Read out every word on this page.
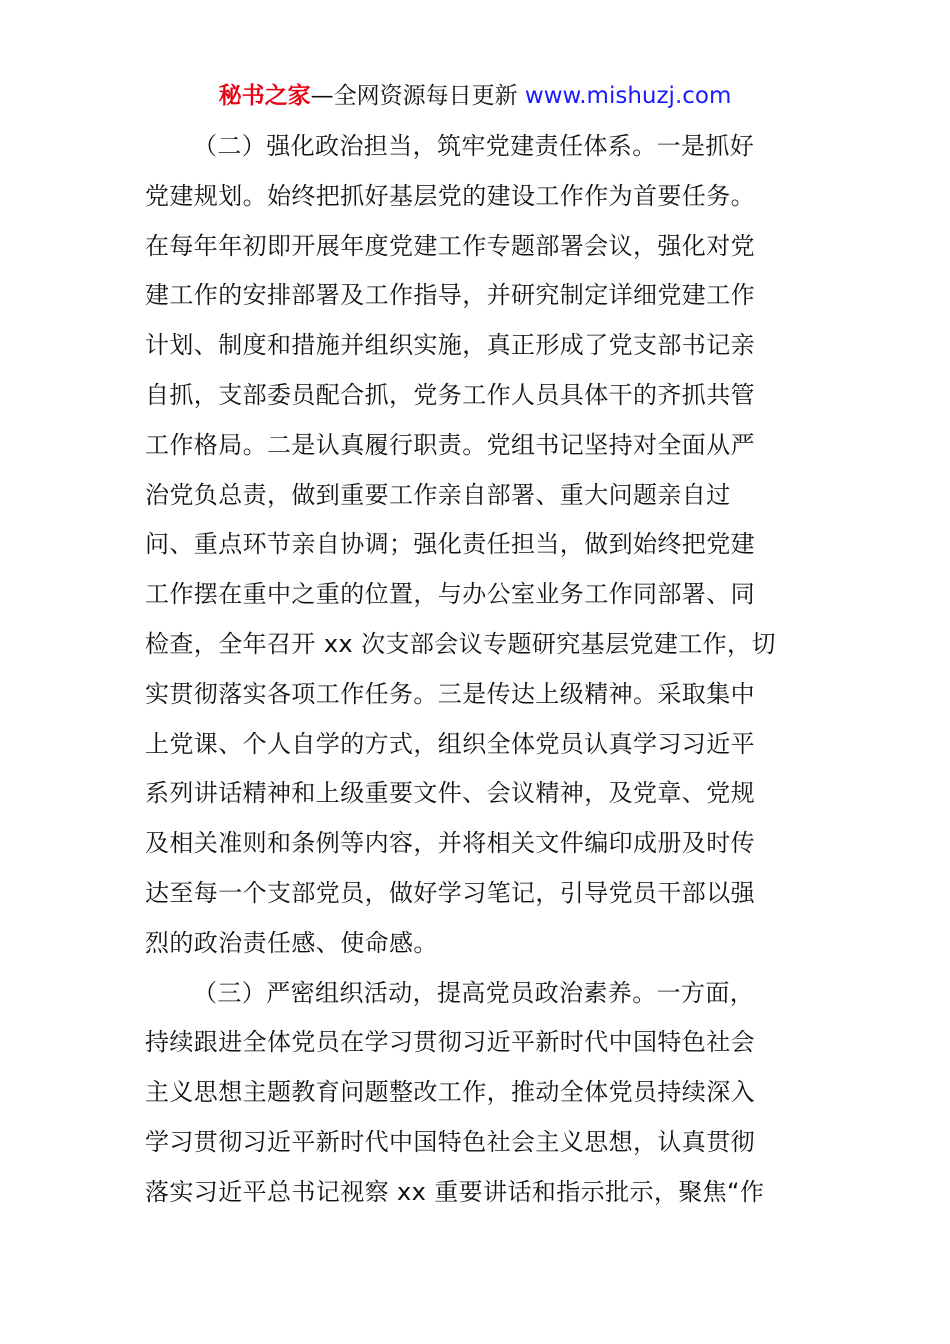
秘书之家—全网资源每日更新 www.mishuzj.com
（二）强化政治担当，筑牢党建责任体系。一是抓好
党建规划。始终把抓好基层党的建设工作作为首要任务。
在每年年初即开展年度党建工作专题部署会议，强化对党
建工作的安排部署及工作指导，并研究制定详细党建工作
计划、制度和措施并组织实施，真正形成了党支部书记亲
自抓，支部委员配合抓，党务工作人员具体干的齐抓共管
工作格局。二是认真履行职责。党组书记坚持对全面从严
治党负总责，做到重要工作亲自部署、重大问题亲自过
问、重点环节亲自协调；强化责任担当，做到始终把党建
工作摆在重中之重的位置，与办公室业务工作同部署、同
检查，全年召开 xx 次支部会议专题研究基层党建工作，切
实贯彻落实各项工作任务。三是传达上级精神。采取集中
上党课、个人自学的方式，组织全体党员认真学习习近平
系列讲话精神和上级重要文件、会议精神，及党章、党规
及相关准则和条例等内容，并将相关文件编印成册及时传
达至每一个支部党员，做好学习笔记，引导党员干部以强
烈的政治责任感、使命感。
（三）严密组织活动，提高党员政治素养。一方面，
持续跟进全体党员在学习贯彻习近平新时代中国特色社会
主义思想主题教育问题整改工作，推动全体党员持续深入
学习贯彻习近平新时代中国特色社会主义思想，认真贯彻
落实习近平总书记视察 xx 重要讲话和指示批示，聚焦“作
